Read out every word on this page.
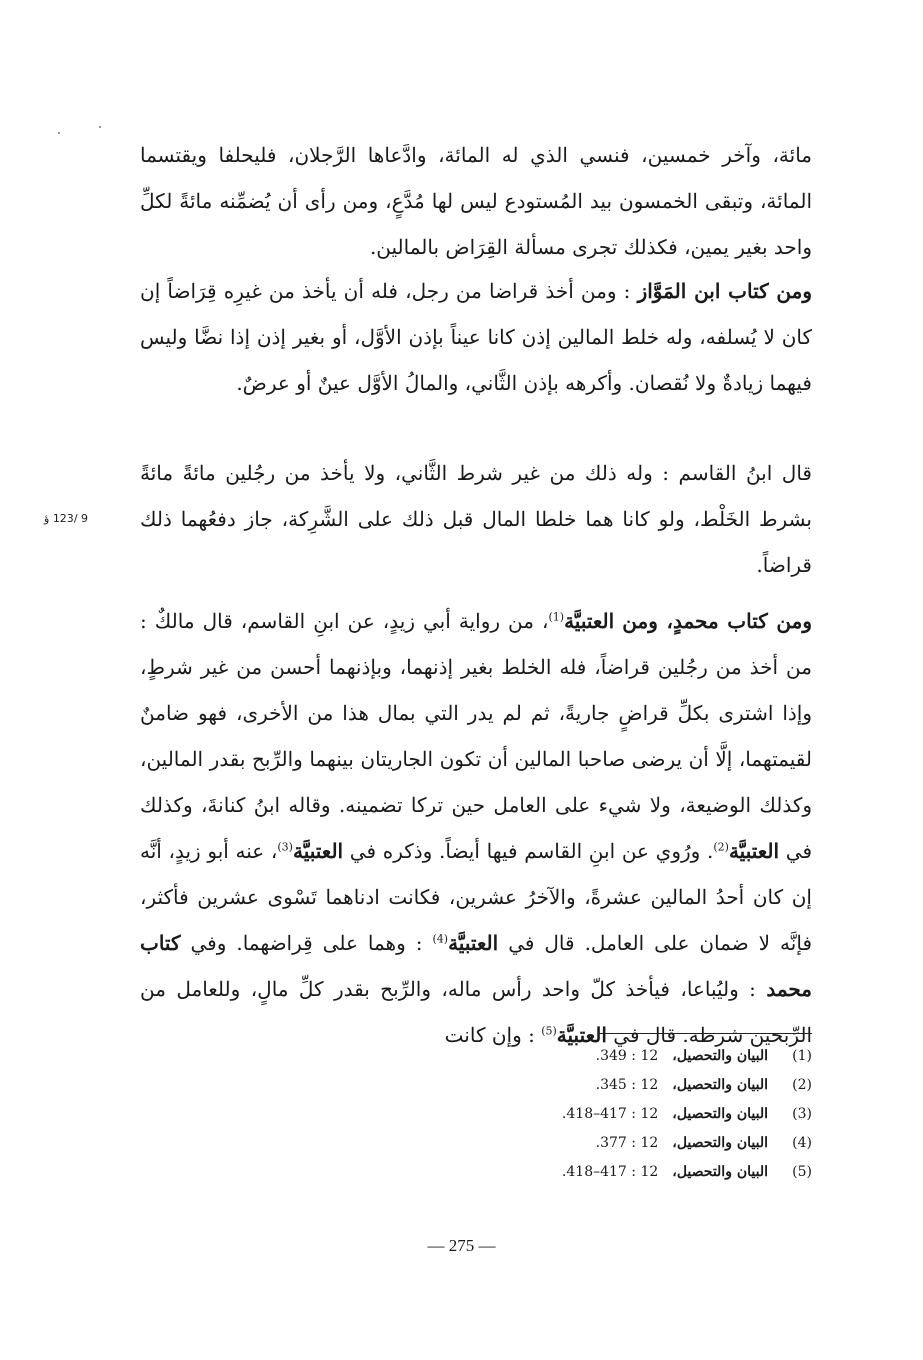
مائة، وآخر خمسين، فنسي الذي له المائة، وادَّعاها الرَّجلان، فليحلفا ويقتسما المائة، وتبقى الخمسون بيد المُستودع ليس لها مُدَّعٍ، ومن رأى أن يُضمِّنه مائةً لكلِّ واحد بغير يمين، فكذلك تجرى مسألة القِرَاض بالمالين.

ومن كتاب ابن المَوَّاز : ومن أخذ قراضا من رجل، فله أن يأخذ من غيرِه قِرَاضاً إن كان لا يُسلفه، وله خلط المالين إذن كانا عيناً بإذن الأوَّل، أو بغير إذن إذا نضَّا وليس فيهما زيادةٌ ولا نُقصان. وأكرهه بإذن الثَّاني، والمالُ الأوَّل عينٌ أو عرضٌ.

قال ابنُ القاسم : وله ذلك من غير شرط الثَّاني، ولا يأخذ من رجُلين مائةً مائةً بشرط الخَلْط، ولو كانا هما خلطا المال قبل ذلك على الشَّرِكة، جاز دفعُهما ذلك قراضاً.

9 /123 ؤ

ومن كتاب محمدٍ، ومن العتبيَّة$^{(1)}$، من رواية أبي زيدٍ، عن ابنِ القاسم، قال مالكٌ : من أخذ من رجُلين قراضاً، فله الخلط بغير إذنهما، وبإذنهما أحسن من غير شرطٍ، وإذا اشترى بكلِّ قراضٍ جاريةً، ثم لم يدر التي بمال هذا من الأخرى، فهو ضامنٌ لقيمتهما، إلَّا أن يرضى صاحبا المالين أن تكون الجاريتان بينهما والرِّبح بقدر المالين، وكذلك الوضيعة، ولا شيء على العامل حين تركا تضمينه. وقاله ابنُ كنانةَ، وكذلك في العتبيَّة$^{(2)}$. ورُوي عن ابنِ القاسم فيها أيضاً. وذكره في العتبيَّة$^{(3)}$، عنه أبو زيدٍ، أنَّه إن كان أحدُ المالين عشرةً، والآخرُ عشرين، فكانت ادناهما تَسْوى عشرين فأكثر، فإنَّه لا ضمان على العامل. قال في العتبيَّة$^{(4)}$ : وهما على قِراضهما. وفي كتاب محمد : وليُباعا، فيأخذ كلّ واحد رأس ماله، والرِّبح بقدر كلِّ مالٍ، وللعامل من الرِّبحين شرطه. قال في العتبيَّة$^{(5)}$ : وإن كانت

(1)
البيان والتحصيل،
12 : 349.
(2)
البيان والتحصيل،
12 : 345.
(3)
البيان والتحصيل،
12 : 417–418.
(4)
البيان والتحصيل،
12 : 377.
(5)
البيان والتحصيل،
12 : 417–418.
— 275 —
